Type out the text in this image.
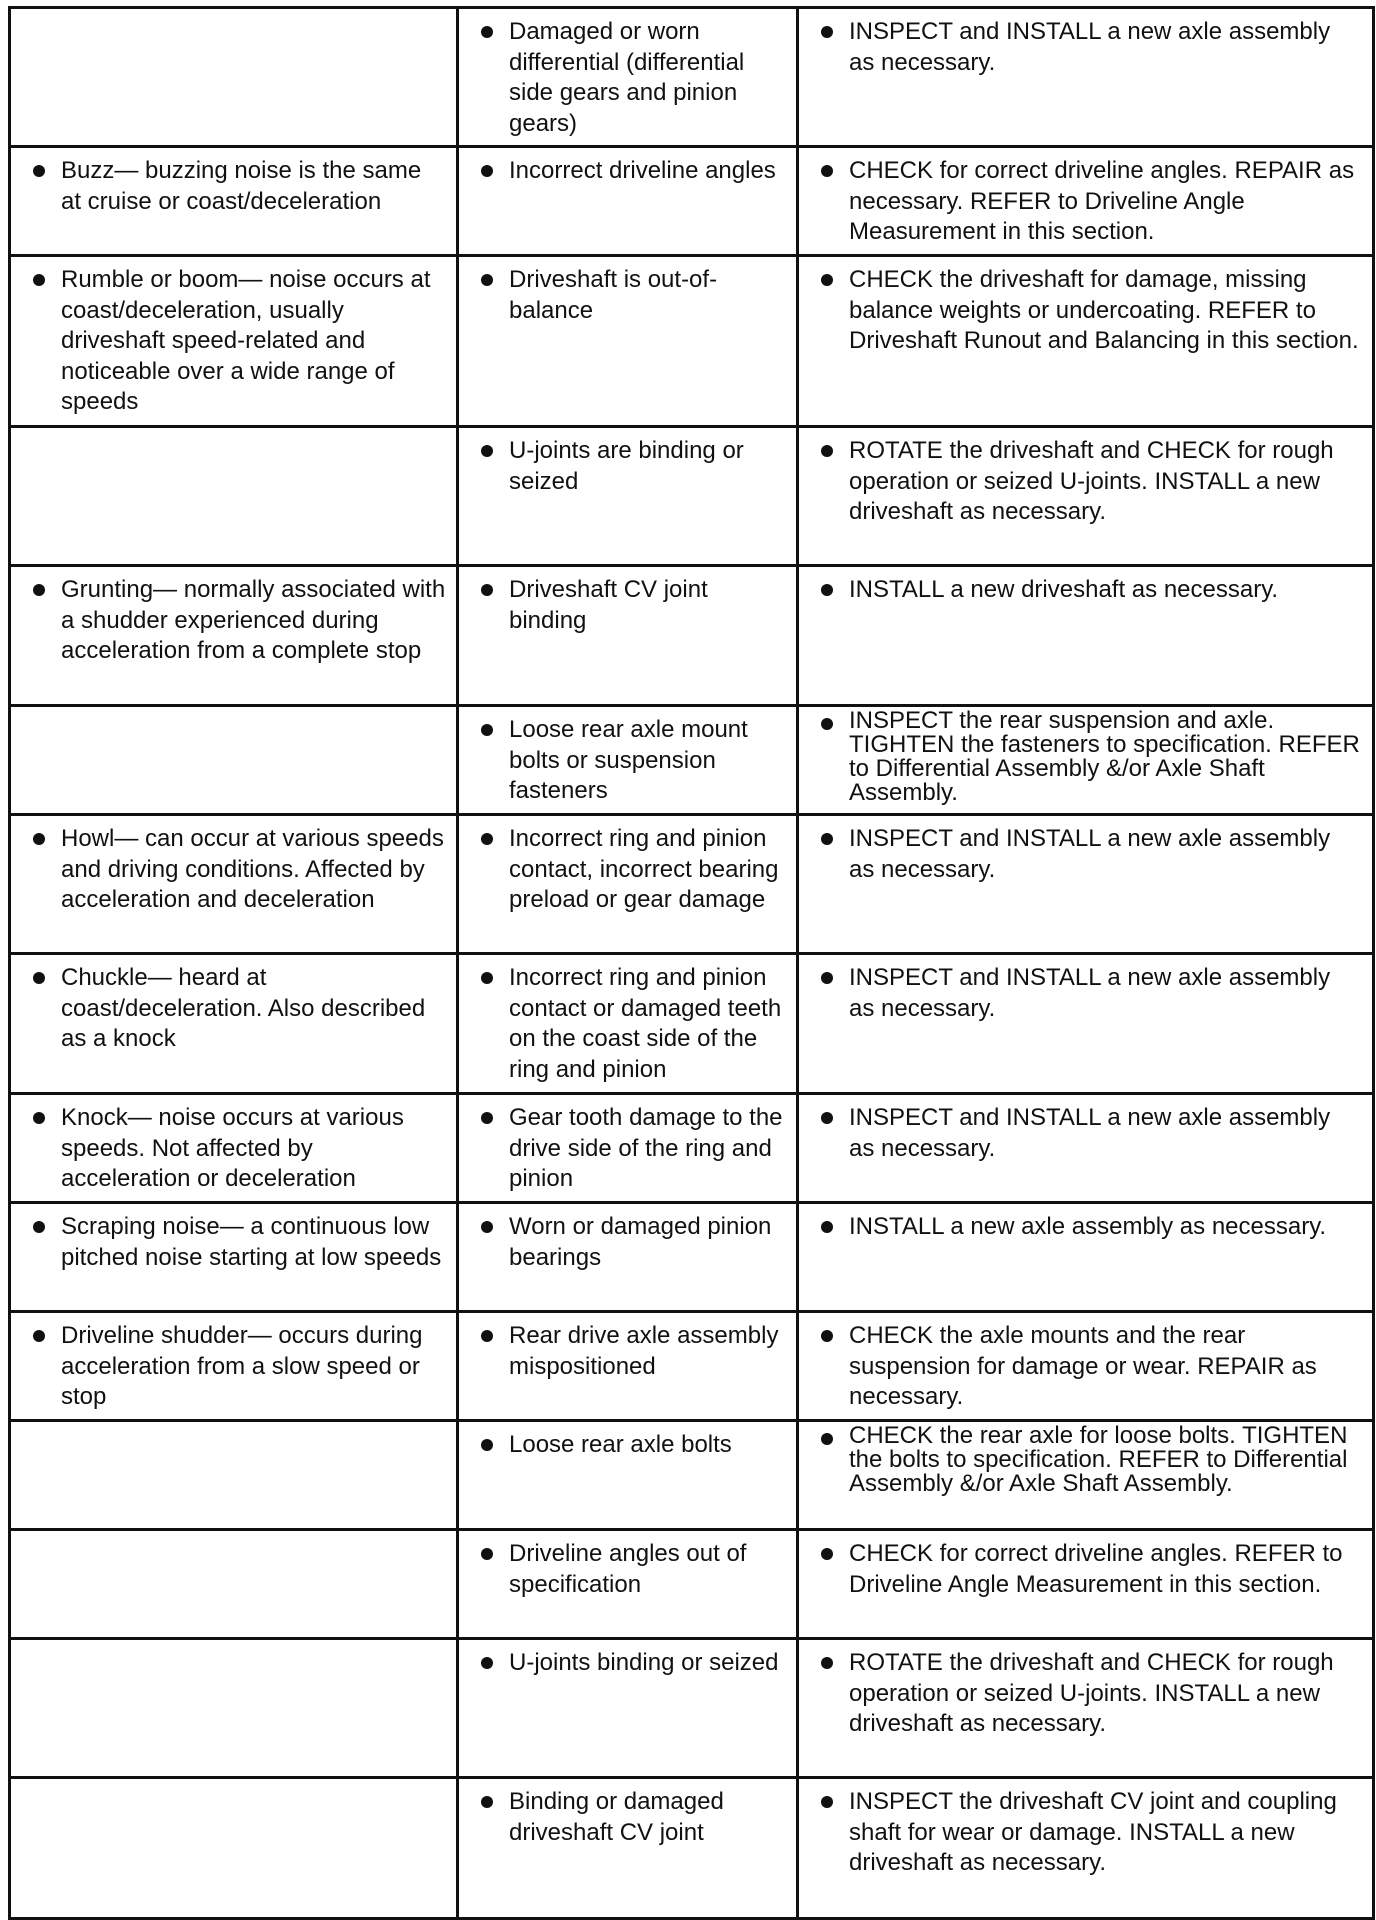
	Damaged or worn differential (differential side gears and pinion gears)	INSPECT and INSTALL a new axle assembly as necessary.

Buzz— buzzing noise is the same at cruise or coast/deceleration	Incorrect driveline angles	CHECK for correct driveline angles. REPAIR as necessary. REFER to Driveline Angle Measurement in this section.

Rumble or boom— noise occurs at coast/deceleration, usually driveshaft speed-related and noticeable over a wide range of speeds	Driveshaft is out-of-balance	CHECK the driveshaft for damage, missing balance weights or undercoating. REFER to Driveshaft Runout and Balancing in this section.

	U-joints are binding or seized	ROTATE the driveshaft and CHECK for rough operation or seized U-joints. INSTALL a new driveshaft as necessary.

Grunting— normally associated with a shudder experienced during acceleration from a complete stop	Driveshaft CV joint binding	INSTALL a new driveshaft as necessary.

	Loose rear axle mount bolts or suspension fasteners	INSPECT the rear suspension and axle. TIGHTEN the fasteners to specification. REFER to Differential Assembly &/or Axle Shaft Assembly.

Howl— can occur at various speeds and driving conditions. Affected by acceleration and deceleration	Incorrect ring and pinion contact, incorrect bearing preload or gear damage	INSPECT and INSTALL a new axle assembly as necessary.

Chuckle— heard at coast/deceleration. Also described as a knock	Incorrect ring and pinion contact or damaged teeth on the coast side of the ring and pinion	INSPECT and INSTALL a new axle assembly as necessary.

Knock— noise occurs at various speeds. Not affected by acceleration or deceleration	Gear tooth damage to the drive side of the ring and pinion	INSPECT and INSTALL a new axle assembly as necessary.

Scraping noise— a continuous low pitched noise starting at low speeds	Worn or damaged pinion bearings	INSTALL a new axle assembly as necessary.

Driveline shudder— occurs during acceleration from a slow speed or stop	Rear drive axle assembly mispositioned	CHECK the axle mounts and the rear suspension for damage or wear. REPAIR as necessary.

	Loose rear axle bolts	CHECK the rear axle for loose bolts. TIGHTEN the bolts to specification. REFER to Differential Assembly &/or Axle Shaft Assembly.

	Driveline angles out of specification	CHECK for correct driveline angles. REFER to Driveline Angle Measurement in this section.

	U-joints binding or seized	ROTATE the driveshaft and CHECK for rough operation or seized U-joints. INSTALL a new driveshaft as necessary.

	Binding or damaged driveshaft CV joint	INSPECT the driveshaft CV joint and coupling shaft for wear or damage. INSTALL a new driveshaft as necessary.
